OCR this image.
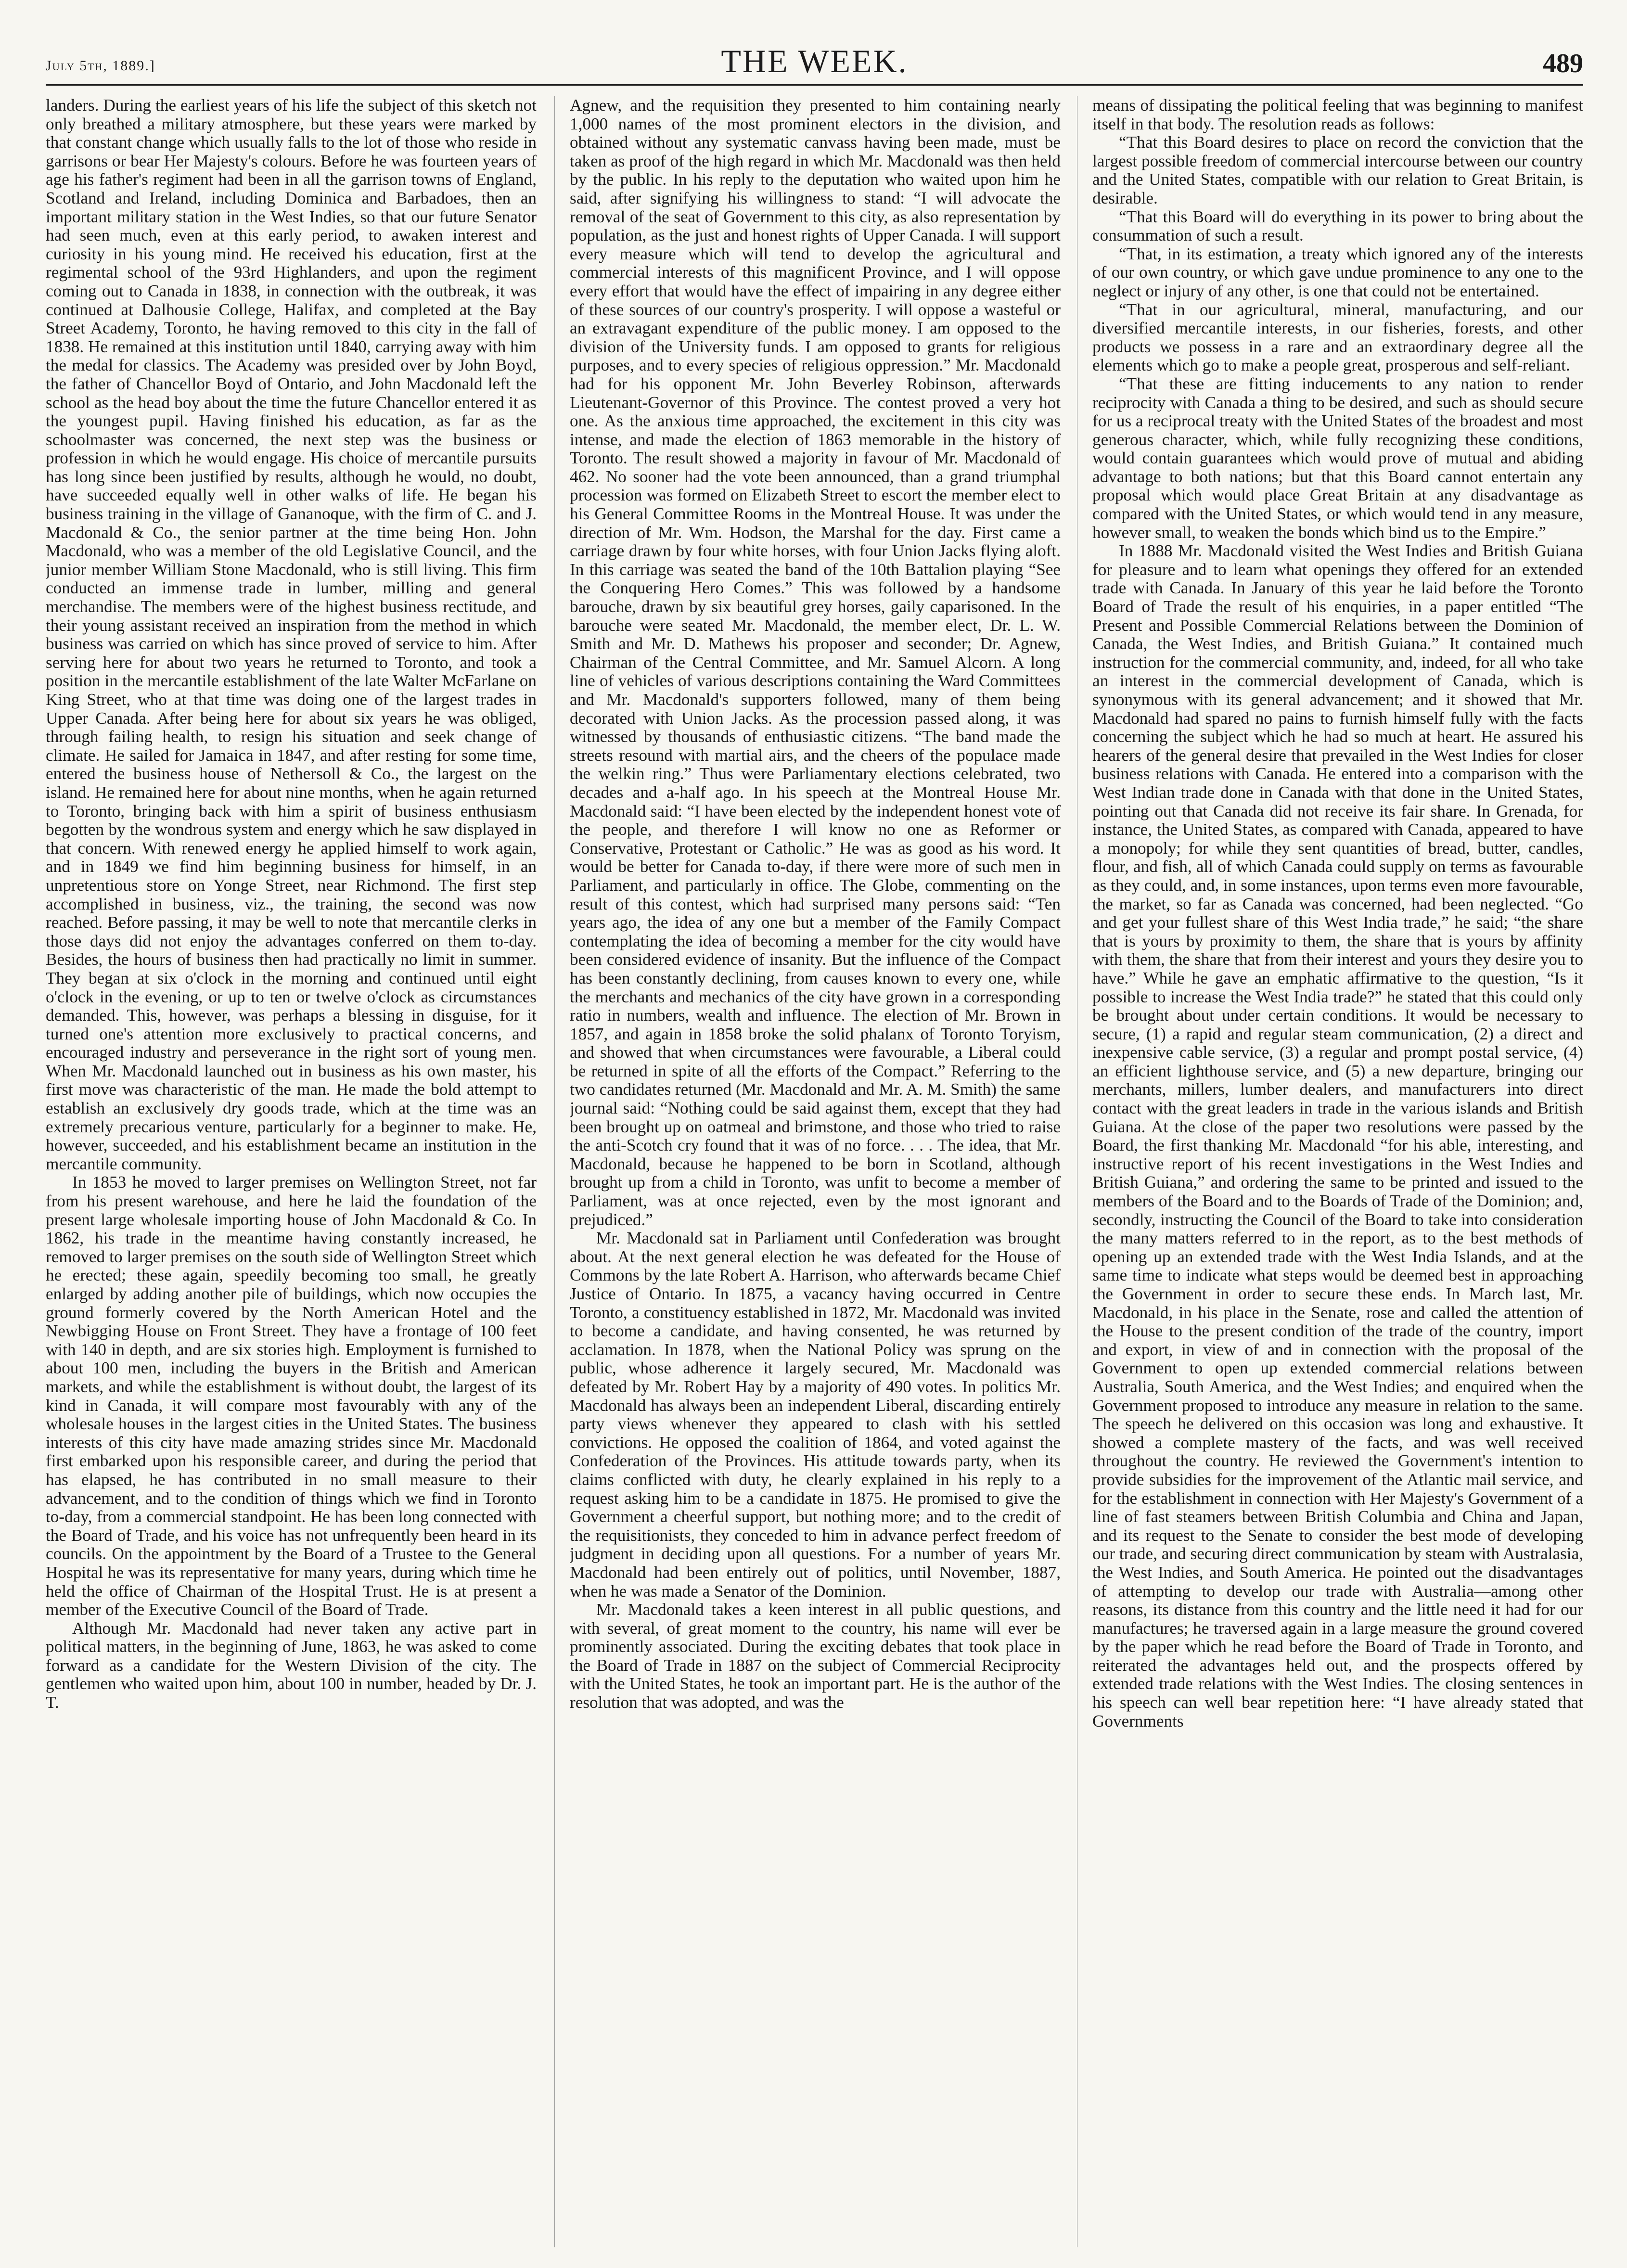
July 5th, 1889.]	THE WEEK.	489

landers. During the earliest years of his life the subject of this sketch not only breathed a military atmosphere, but these years were marked by that constant change which usually falls to the lot of those who reside in garrisons or bear Her Majesty's colours. Before he was fourteen years of age his father's regiment had been in all the garrison towns of England, Scotland and Ireland, including Dominica and Barbadoes, then an important military station in the West Indies, so that our future Senator had seen much, even at this early period, to awaken interest and curiosity in his young mind. He received his education, first at the regimental school of the 93rd Highlanders, and upon the regiment coming out to Canada in 1838, in connection with the outbreak, it was continued at Dalhousie College, Halifax, and completed at the Bay Street Academy, Toronto, he having removed to this city in the fall of 1838. He remained at this institution until 1840, carrying away with him the medal for classics. The Academy was presided over by John Boyd, the father of Chancellor Boyd of Ontario, and John Macdonald left the school as the head boy about the time the future Chancellor entered it as the youngest pupil. Having finished his education, as far as the schoolmaster was concerned, the next step was the business or profession in which he would engage. His choice of mercantile pursuits has long since been justified by results, although he would, no doubt, have succeeded equally well in other walks of life. He began his business training in the village of Gananoque, with the firm of C. and J. Macdonald & Co., the senior partner at the time being Hon. John Macdonald, who was a member of the old Legislative Council, and the junior member William Stone Macdonald, who is still living. This firm conducted an immense trade in lumber, milling and general merchandise. The members were of the highest business rectitude, and their young assistant received an inspiration from the method in which business was carried on which has since proved of service to him. After serving here for about two years he returned to Toronto, and took a position in the mercantile establishment of the late Walter McFarlane on King Street, who at that time was doing one of the largest trades in Upper Canada. After being here for about six years he was obliged, through failing health, to resign his situation and seek change of climate. He sailed for Jamaica in 1847, and after resting for some time, entered the business house of Nethersoll & Co., the largest on the island. He remained here for about nine months, when he again returned to Toronto, bringing back with him a spirit of business enthusiasm begotten by the wondrous system and energy which he saw displayed in that concern. With renewed energy he applied himself to work again, and in 1849 we find him beginning business for himself, in an unpretentious store on Yonge Street, near Richmond. The first step accomplished in business, viz., the training, the second was now reached. Before passing, it may be well to note that mercantile clerks in those days did not enjoy the advantages conferred on them to-day. Besides, the hours of business then had practically no limit in summer. They began at six o'clock in the morning and continued until eight o'clock in the evening, or up to ten or twelve o'clock as circumstances demanded. This, however, was perhaps a blessing in disguise, for it turned one's attention more exclusively to practical concerns, and encouraged industry and perseverance in the right sort of young men. When Mr. Macdonald launched out in business as his own master, his first move was characteristic of the man. He made the bold attempt to establish an exclusively dry goods trade, which at the time was an extremely precarious venture, particularly for a beginner to make. He, however, succeeded, and his establishment became an institution in the mercantile community.

In 1853 he moved to larger premises on Wellington Street, not far from his present warehouse, and here he laid the foundation of the present large wholesale importing house of John Macdonald & Co. In 1862, his trade in the meantime having constantly increased, he removed to larger premises on the south side of Wellington Street which he erected; these again, speedily becoming too small, he greatly enlarged by adding another pile of buildings, which now occupies the ground formerly covered by the North American Hotel and the Newbigging House on Front Street. They have a frontage of 100 feet with 140 in depth, and are six stories high. Employment is furnished to about 100 men, including the buyers in the British and American markets, and while the establishment is without doubt, the largest of its kind in Canada, it will compare most favourably with any of the wholesale houses in the largest cities in the United States. The business interests of this city have made amazing strides since Mr. Macdonald first embarked upon his responsible career, and during the period that has elapsed, he has contributed in no small measure to their advancement, and to the condition of things which we find in Toronto to-day, from a commercial standpoint. He has been long connected with the Board of Trade, and his voice has not unfrequently been heard in its councils. On the appointment by the Board of a Trustee to the General Hospital he was its representative for many years, during which time he held the office of Chairman of the Hospital Trust. He is at present a member of the Executive Council of the Board of Trade.

Although Mr. Macdonald had never taken any active part in political matters, in the beginning of June, 1863, he was asked to come forward as a candidate for the Western Division of the city. The gentlemen who waited upon him, about 100 in number, headed by Dr. J. T.

Agnew, and the requisition they presented to him containing nearly 1,000 names of the most prominent electors in the division, and obtained without any systematic canvass having been made, must be taken as proof of the high regard in which Mr. Macdonald was then held by the public. In his reply to the deputation who waited upon him he said, after signifying his willingness to stand: “I will advocate the removal of the seat of Government to this city, as also representation by population, as the just and honest rights of Upper Canada. I will support every measure which will tend to develop the agricultural and commercial interests of this magnificent Province, and I will oppose every effort that would have the effect of impairing in any degree either of these sources of our country's prosperity. I will oppose a wasteful or an extravagant expenditure of the public money. I am opposed to the division of the University funds. I am opposed to grants for religious purposes, and to every species of religious oppression.” Mr. Macdonald had for his opponent Mr. John Beverley Robinson, afterwards Lieutenant-Governor of this Province. The contest proved a very hot one. As the anxious time approached, the excitement in this city was intense, and made the election of 1863 memorable in the history of Toronto. The result showed a majority in favour of Mr. Macdonald of 462. No sooner had the vote been announced, than a grand triumphal procession was formed on Elizabeth Street to escort the member elect to his General Committee Rooms in the Montreal House. It was under the direction of Mr. Wm. Hodson, the Marshal for the day. First came a carriage drawn by four white horses, with four Union Jacks flying aloft. In this carriage was seated the band of the 10th Battalion playing “See the Conquering Hero Comes.” This was followed by a handsome barouche, drawn by six beautiful grey horses, gaily caparisoned. In the barouche were seated Mr. Macdonald, the member elect, Dr. L. W. Smith and Mr. D. Mathews his proposer and seconder; Dr. Agnew, Chairman of the Central Committee, and Mr. Samuel Alcorn. A long line of vehicles of various descriptions containing the Ward Committees and Mr. Macdonald's supporters followed, many of them being decorated with Union Jacks. As the procession passed along, it was witnessed by thousands of enthusiastic citizens. “The band made the streets resound with martial airs, and the cheers of the populace made the welkin ring.” Thus were Parliamentary elections celebrated, two decades and a-half ago. In his speech at the Montreal House Mr. Macdonald said: “I have been elected by the independent honest vote of the people, and therefore I will know no one as Reformer or Conservative, Protestant or Catholic.” He was as good as his word. It would be better for Canada to-day, if there were more of such men in Parliament, and particularly in office. The Globe, commenting on the result of this contest, which had surprised many persons said: “Ten years ago, the idea of any one but a member of the Family Compact contemplating the idea of becoming a member for the city would have been considered evidence of insanity. But the influence of the Compact has been constantly declining, from causes known to every one, while the merchants and mechanics of the city have grown in a corresponding ratio in numbers, wealth and influence. The election of Mr. Brown in 1857, and again in 1858 broke the solid phalanx of Toronto Toryism, and showed that when circumstances were favourable, a Liberal could be returned in spite of all the efforts of the Compact.” Referring to the two candidates returned (Mr. Macdonald and Mr. A. M. Smith) the same journal said: “Nothing could be said against them, except that they had been brought up on oatmeal and brimstone, and those who tried to raise the anti-Scotch cry found that it was of no force. . . . The idea, that Mr. Macdonald, because he happened to be born in Scotland, although brought up from a child in Toronto, was unfit to become a member of Parliament, was at once rejected, even by the most ignorant and prejudiced.”

Mr. Macdonald sat in Parliament until Confederation was brought about. At the next general election he was defeated for the House of Commons by the late Robert A. Harrison, who afterwards became Chief Justice of Ontario. In 1875, a vacancy having occurred in Centre Toronto, a constituency established in 1872, Mr. Macdonald was invited to become a candidate, and having consented, he was returned by acclamation. In 1878, when the National Policy was sprung on the public, whose adherence it largely secured, Mr. Macdonald was defeated by Mr. Robert Hay by a majority of 490 votes. In politics Mr. Macdonald has always been an independent Liberal, discarding entirely party views whenever they appeared to clash with his settled convictions. He opposed the coalition of 1864, and voted against the Confederation of the Provinces. His attitude towards party, when its claims conflicted with duty, he clearly explained in his reply to a request asking him to be a candidate in 1875. He promised to give the Government a cheerful support, but nothing more; and to the credit of the requisitionists, they conceded to him in advance perfect freedom of judgment in deciding upon all questions. For a number of years Mr. Macdonald had been entirely out of politics, until November, 1887, when he was made a Senator of the Dominion.

Mr. Macdonald takes a keen interest in all public questions, and with several, of great moment to the country, his name will ever be prominently associated. During the exciting debates that took place in the Board of Trade in 1887 on the subject of Commercial Reciprocity with the United States, he took an important part. He is the author of the resolution that was adopted, and was the

means of dissipating the political feeling that was beginning to manifest itself in that body. The resolution reads as follows:

“That this Board desires to place on record the conviction that the largest possible freedom of commercial intercourse between our country and the United States, compatible with our relation to Great Britain, is desirable.

“That this Board will do everything in its power to bring about the consummation of such a result.

“That, in its estimation, a treaty which ignored any of the interests of our own country, or which gave undue prominence to any one to the neglect or injury of any other, is one that could not be entertained.

“That in our agricultural, mineral, manufacturing, and our diversified mercantile interests, in our fisheries, forests, and other products we possess in a rare and an extraordinary degree all the elements which go to make a people great, prosperous and self-reliant.

“That these are fitting inducements to any nation to render reciprocity with Canada a thing to be desired, and such as should secure for us a reciprocal treaty with the United States of the broadest and most generous character, which, while fully recognizing these conditions, would contain guarantees which would prove of mutual and abiding advantage to both nations; but that this Board cannot entertain any proposal which would place Great Britain at any disadvantage as compared with the United States, or which would tend in any measure, however small, to weaken the bonds which bind us to the Empire.”

In 1888 Mr. Macdonald visited the West Indies and British Guiana for pleasure and to learn what openings they offered for an extended trade with Canada. In January of this year he laid before the Toronto Board of Trade the result of his enquiries, in a paper entitled “The Present and Possible Commercial Relations between the Dominion of Canada, the West Indies, and British Guiana.” It contained much instruction for the commercial community, and, indeed, for all who take an interest in the commercial development of Canada, which is synonymous with its general advancement; and it showed that Mr. Macdonald had spared no pains to furnish himself fully with the facts concerning the subject which he had so much at heart. He assured his hearers of the general desire that prevailed in the West Indies for closer business relations with Canada. He entered into a comparison with the West Indian trade done in Canada with that done in the United States, pointing out that Canada did not receive its fair share. In Grenada, for instance, the United States, as compared with Canada, appeared to have a monopoly; for while they sent quantities of bread, butter, candles, flour, and fish, all of which Canada could supply on terms as favourable as they could, and, in some instances, upon terms even more favourable, the market, so far as Canada was concerned, had been neglected. “Go and get your fullest share of this West India trade,” he said; “the share that is yours by proximity to them, the share that is yours by affinity with them, the share that from their interest and yours they desire you to have.” While he gave an emphatic affirmative to the question, “Is it possible to increase the West India trade?” he stated that this could only be brought about under certain conditions. It would be necessary to secure, (1) a rapid and regular steam communication, (2) a direct and inexpensive cable service, (3) a regular and prompt postal service, (4) an efficient lighthouse service, and (5) a new departure, bringing our merchants, millers, lumber dealers, and manufacturers into direct contact with the great leaders in trade in the various islands and British Guiana. At the close of the paper two resolutions were passed by the Board, the first thanking Mr. Macdonald “for his able, interesting, and instructive report of his recent investigations in the West Indies and British Guiana,” and ordering the same to be printed and issued to the members of the Board and to the Boards of Trade of the Dominion; and, secondly, instructing the Council of the Board to take into consideration the many matters referred to in the report, as to the best methods of opening up an extended trade with the West India Islands, and at the same time to indicate what steps would be deemed best in approaching the Government in order to secure these ends. In March last, Mr. Macdonald, in his place in the Senate, rose and called the attention of the House to the present condition of the trade of the country, import and export, in view of and in connection with the proposal of the Government to open up extended commercial relations between Australia, South America, and the West Indies; and enquired when the Government proposed to introduce any measure in relation to the same. The speech he delivered on this occasion was long and exhaustive. It showed a complete mastery of the facts, and was well received throughout the country. He reviewed the Government's intention to provide subsidies for the improvement of the Atlantic mail service, and for the establishment in connection with Her Majesty's Government of a line of fast steamers between British Columbia and China and Japan, and its request to the Senate to consider the best mode of developing our trade, and securing direct communication by steam with Australasia, the West Indies, and South America. He pointed out the disadvantages of attempting to develop our trade with Australia—among other reasons, its distance from this country and the little need it had for our manufactures; he traversed again in a large measure the ground covered by the paper which he read before the Board of Trade in Toronto, and reiterated the advantages held out, and the prospects offered by extended trade relations with the West Indies. The closing sentences in his speech can well bear repetition here: “I have already stated that Governments
